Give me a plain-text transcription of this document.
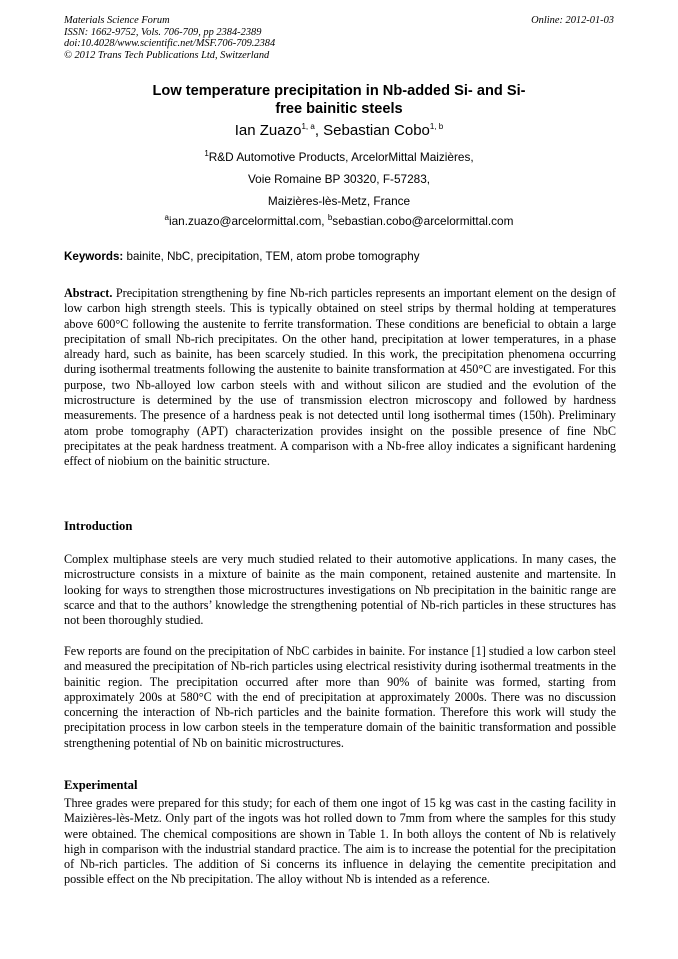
Materials Science Forum
ISSN: 1662-9752, Vols. 706-709, pp 2384-2389
doi:10.4028/www.scientific.net/MSF.706-709.2384
© 2012 Trans Tech Publications Ltd, Switzerland
Online: 2012-01-03
Low temperature precipitation in Nb-added Si- and Si-
free bainitic steels
Ian Zuazo$^{1, a}$, Sebastian Cobo$^{1, b}$
$^1$R&D Automotive Products, ArcelorMittal Maizières,
Voie Romaine BP 30320, F-57283,
Maizières-lès-Metz, France
$^a$ian.zuazo@arcelormittal.com, $^b$sebastian.cobo@arcelormittal.com
Keywords: bainite, NbC, precipitation, TEM, atom probe tomography
Abstract. Precipitation strengthening by fine Nb-rich particles represents an important element on the design of low carbon high strength steels. This is typically obtained on steel strips by thermal holding at temperatures above 600°C following the austenite to ferrite transformation. These conditions are beneficial to obtain a large precipitation of small Nb-rich precipitates. On the other hand, precipitation at lower temperatures, in a phase already hard, such as bainite, has been scarcely studied. In this work, the precipitation phenomena occurring during isothermal treatments following the austenite to bainite transformation at 450°C are investigated. For this purpose, two Nb-alloyed low carbon steels with and without silicon are studied and the evolution of the microstructure is determined by the use of transmission electron microscopy and followed by hardness measurements. The presence of a hardness peak is not detected until long isothermal times (150h). Preliminary atom probe tomography (APT) characterization provides insight on the possible presence of fine NbC precipitates at the peak hardness treatment. A comparison with a Nb-free alloy indicates a significant hardening effect of niobium on the bainitic structure.
Introduction
Complex multiphase steels are very much studied related to their automotive applications. In many cases, the microstructure consists in a mixture of bainite as the main component, retained austenite and martensite. In looking for ways to strengthen those microstructures investigations on Nb precipitation in the bainitic range are scarce and that to the authors’ knowledge the strengthening potential of Nb-rich particles in these structures has not been thoroughly studied.
Few reports are found on the precipitation of NbC carbides in bainite. For instance [1] studied a low carbon steel and measured the precipitation of Nb-rich particles using electrical resistivity during isothermal treatments in the bainitic region. The precipitation occurred after more than 90% of bainite was formed, starting from approximately 200s at 580°C with the end of precipitation at approximately 2000s. There was no discussion concerning the interaction of Nb-rich particles and the bainite formation. Therefore this work will study the precipitation process in low carbon steels in the temperature domain of the bainitic transformation and possible strengthening potential of Nb on bainitic microstructures.
Experimental
Three grades were prepared for this study; for each of them one ingot of 15 kg was cast in the casting facility in Maizières-lès-Metz. Only part of the ingots was hot rolled down to 7mm from where the samples for this study were obtained. The chemical compositions are shown in Table 1. In both alloys the content of Nb is relatively high in comparison with the industrial standard practice. The aim is to increase the potential for the precipitation of Nb-rich particles. The addition of Si concerns its influence in delaying the cementite precipitation and possible effect on the Nb precipitation. The alloy without Nb is intended as a reference.
